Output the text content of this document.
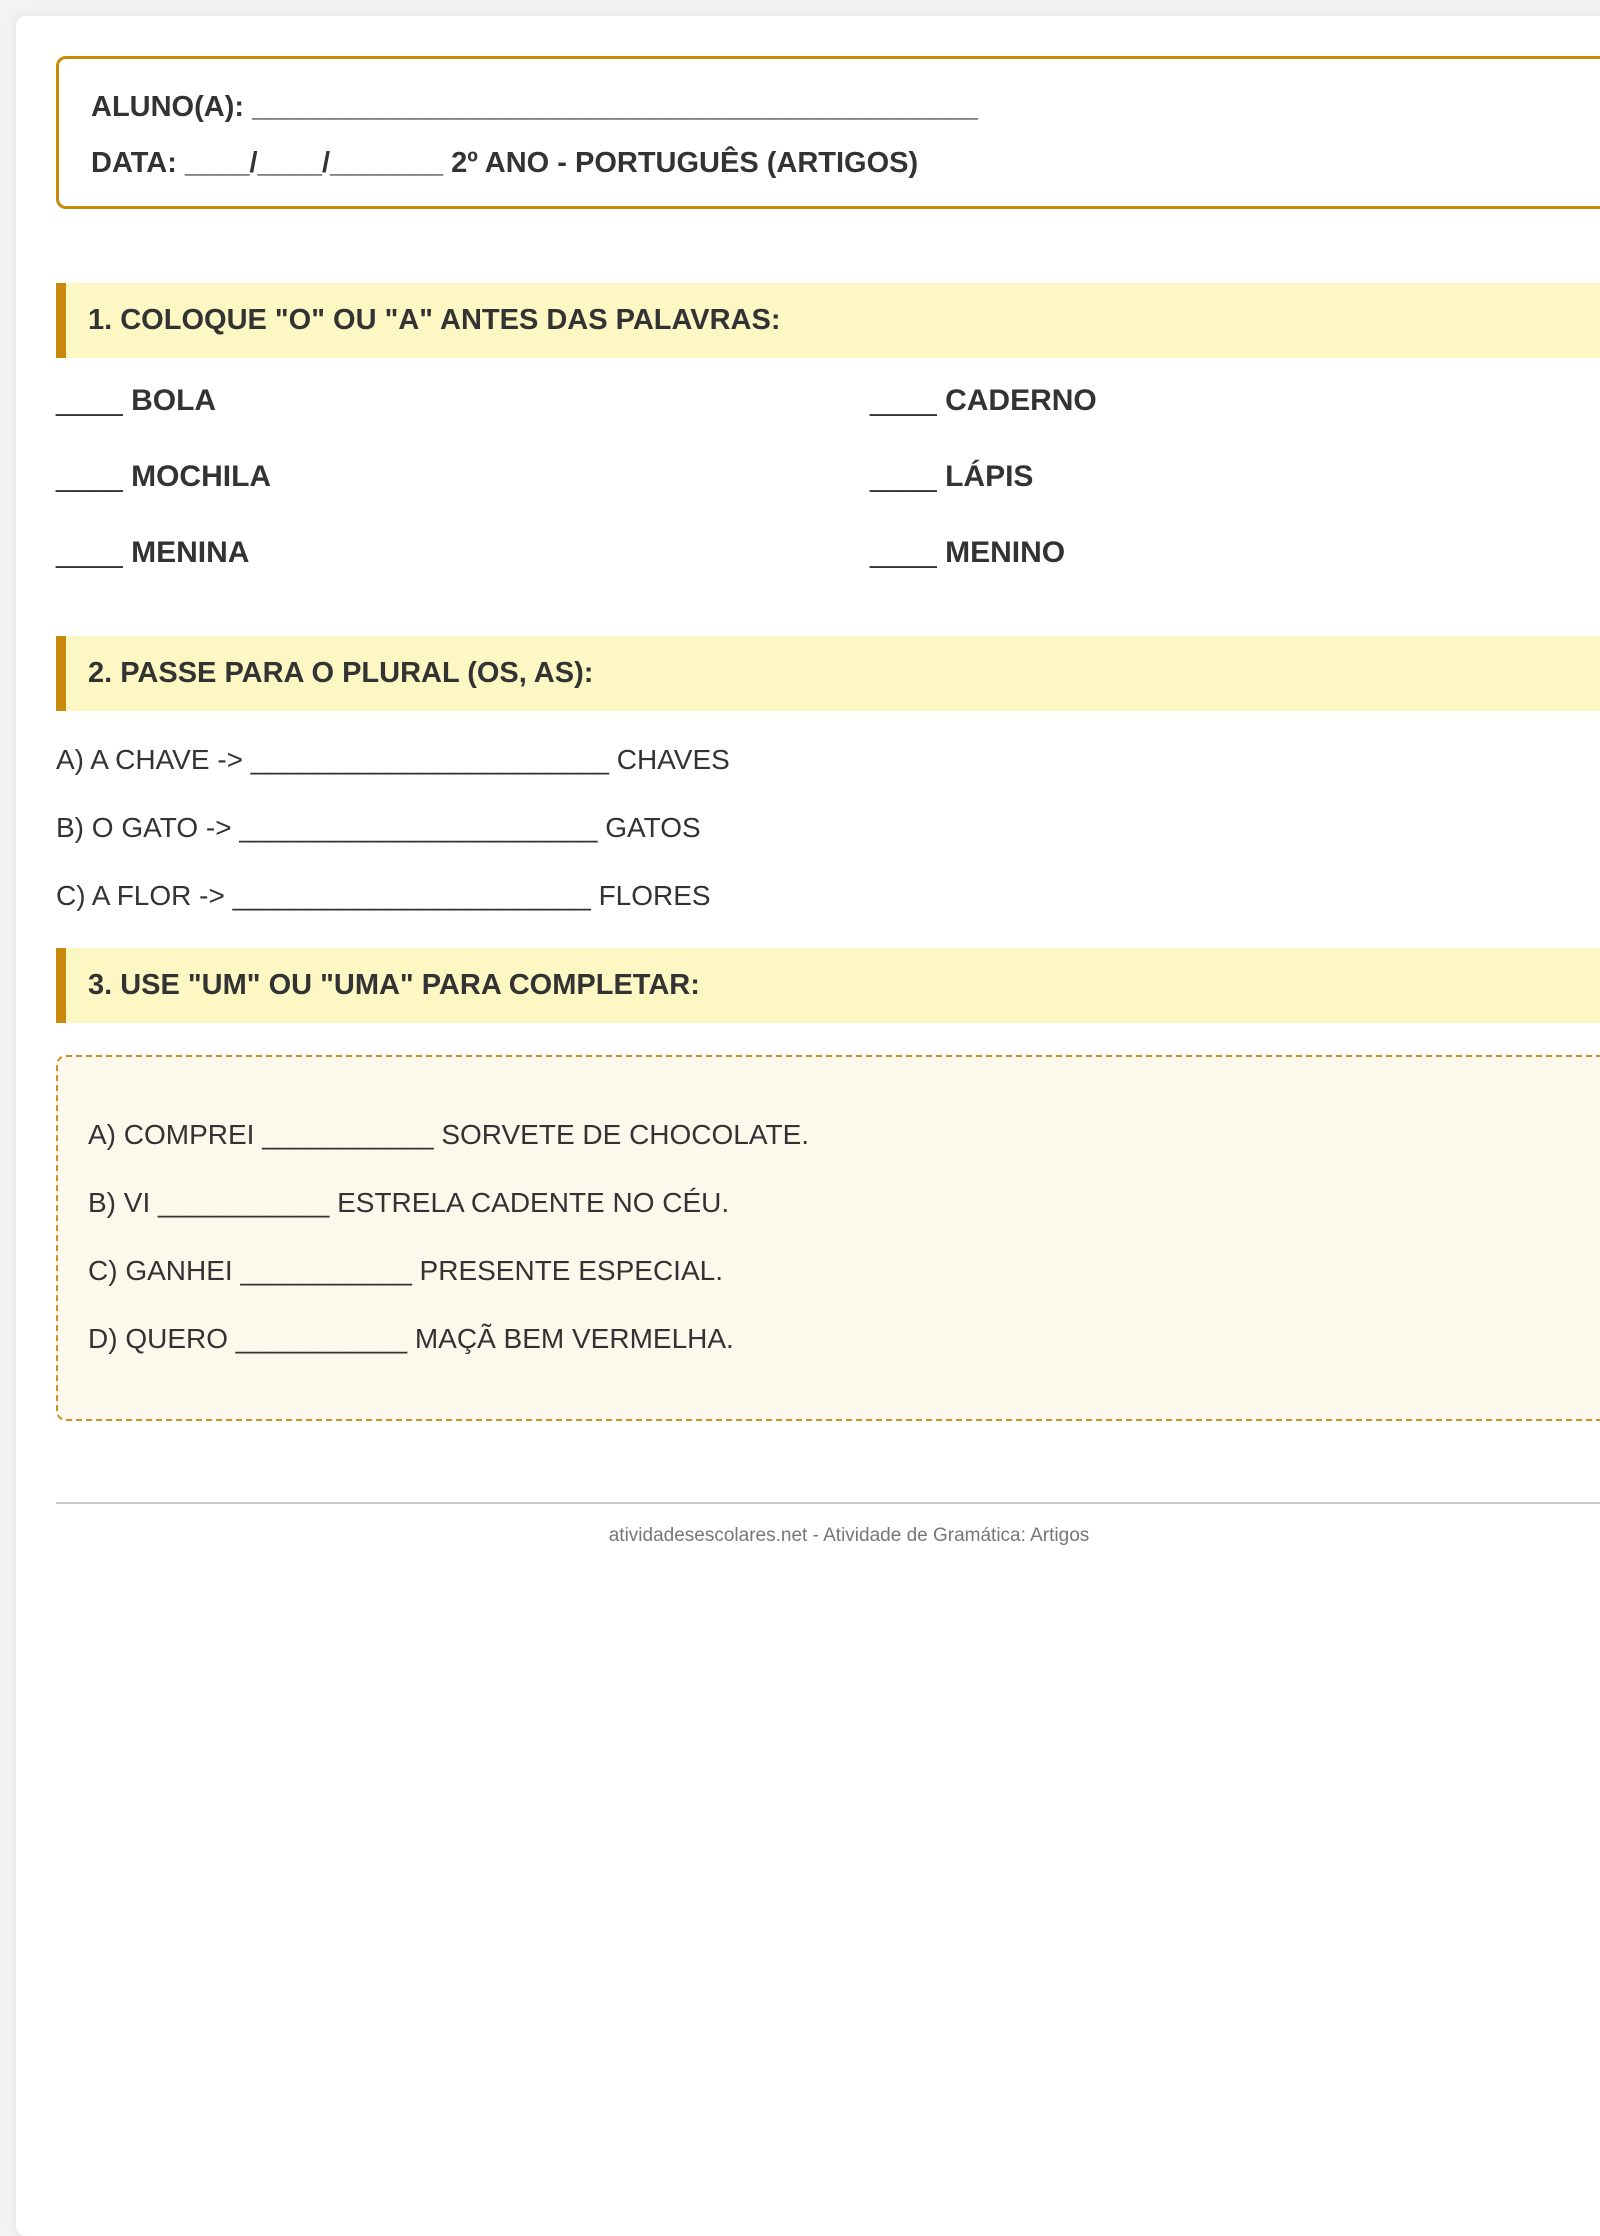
ALUNO(A): _____________________________________________
DATA: ____/____/_______ 2º ANO - PORTUGUÊS (ARTIGOS)
1. COLOQUE "O" OU "A" ANTES DAS PALAVRAS:
____ BOLA	____ CADERNO
____ MOCHILA	____ LÁPIS
____ MENINA	____ MENINO
2. PASSE PARA O PLURAL (OS, AS):
A) A CHAVE -> _______________________ CHAVES
B) O GATO -> _______________________ GATOS
C) A FLOR -> _______________________ FLORES
3. USE "UM" OU "UMA" PARA COMPLETAR:
A) COMPREI ___________ SORVETE DE CHOCOLATE.
B) VI ___________ ESTRELA CADENTE NO CÉU.
C) GANHEI ___________ PRESENTE ESPECIAL.
D) QUERO ___________ MAÇÃ BEM VERMELHA.
atividadesescolares.net - Atividade de Gramática: Artigos
